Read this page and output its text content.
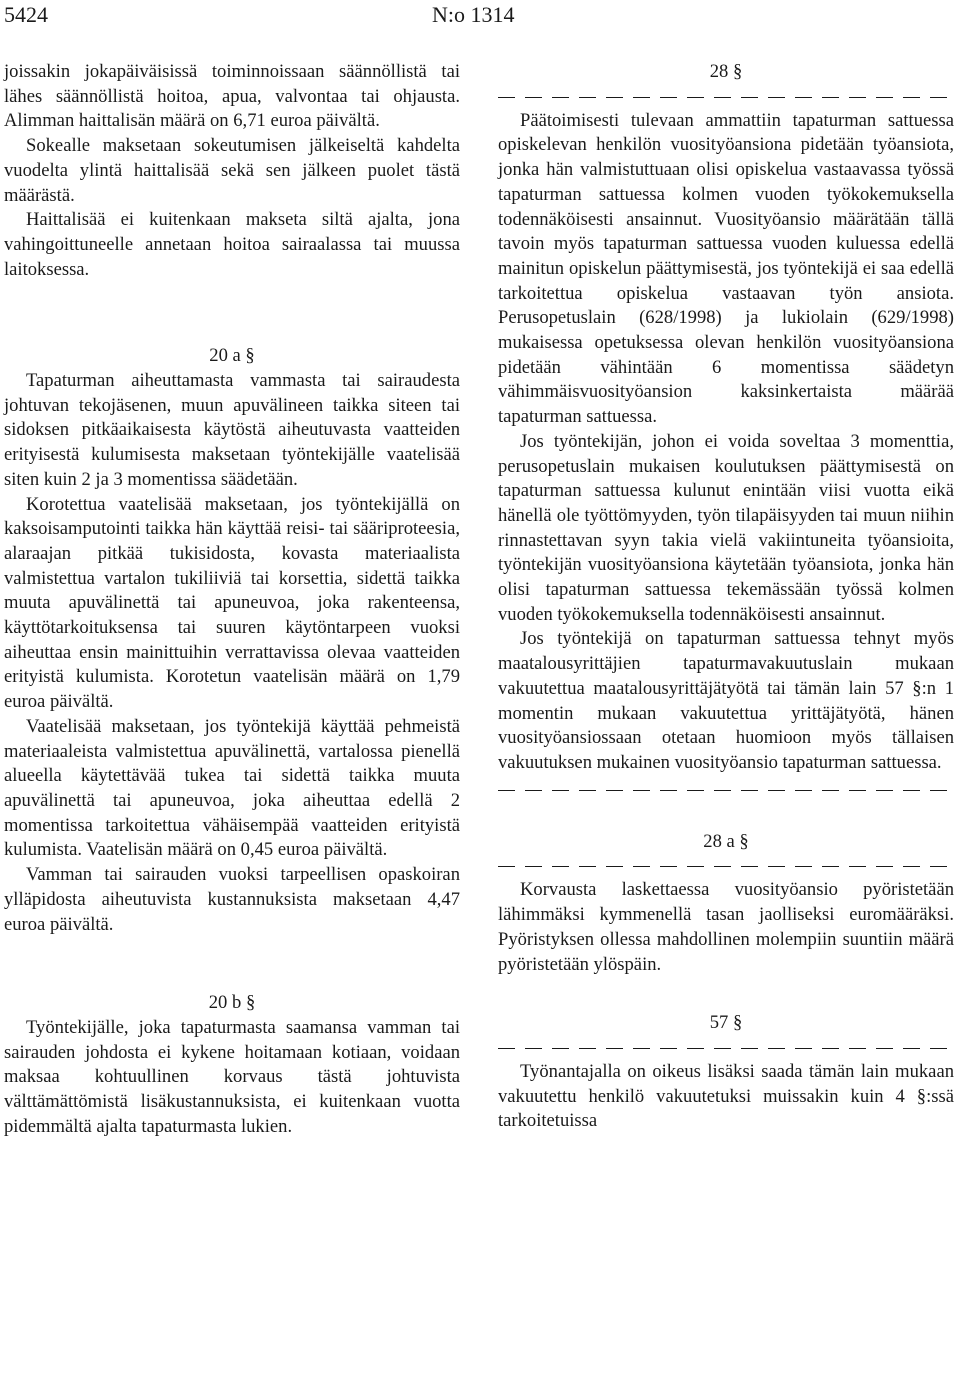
5424	N:o 1314

joissakin jokapäiväisissä toiminnoissaan säännöllistä tai lähes säännöllistä hoitoa, apua, valvontaa tai ohjausta. Alimman haittalisän määrä on 6,71 euroa päivältä.

Sokealle maksetaan sokeutumisen jälkeiseltä kahdelta vuodelta ylintä haittalisää sekä sen jälkeen puolet tästä määrästä.

Haittalisää ei kuitenkaan makseta siltä ajalta, jona vahingoittuneelle annetaan hoitoa sairaalassa tai muussa laitoksessa.

20 a §

Tapaturman aiheuttamasta vammasta tai sairaudesta johtuvan tekojäsenen, muun apuvälineen taikka siteen tai sidoksen pitkäaikaisesta käytöstä aiheutuvasta vaatteiden erityisestä kulumisesta maksetaan työntekijälle vaatelisää siten kuin 2 ja 3 momentissa säädetään.

Korotettua vaatelisää maksetaan, jos työntekijällä on kaksoisamputointi taikka hän käyttää reisi- tai sääriproteesia, alaraajan pitkää tukisidosta, kovasta materiaalista valmistettua vartalon tukiliiviä tai korsettia, sidettä taikka muuta apuvälinettä tai apuneuvoa, joka rakenteensa, käyttötarkoituksensa tai suuren käytöntarpeen vuoksi aiheuttaa ensin mainittuihin verrattavissa olevaa vaatteiden erityistä kulumista. Korotetun vaatelisän määrä on 1,79 euroa päivältä.

Vaatelisää maksetaan, jos työntekijä käyttää pehmeistä materiaaleista valmistettua apuvälinettä, vartalossa pienellä alueella käytettävää tukea tai sidettä taikka muuta apuvälinettä tai apuneuvoa, joka aiheuttaa edellä 2 momentissa tarkoitettua vähäisempää vaatteiden erityistä kulumista. Vaatelisän määrä on 0,45 euroa päivältä.

Vamman tai sairauden vuoksi tarpeellisen opaskoiran ylläpidosta aiheutuvista kustannuksista maksetaan 4,47 euroa päivältä.

20 b §

Työntekijälle, joka tapaturmasta saamansa vamman tai sairauden johdosta ei kykene hoitamaan kotiaan, voidaan maksaa kohtuullinen korvaus tästä johtuvista välttämättömistä lisäkustannuksista, ei kuitenkaan vuotta pidemmältä ajalta tapaturmasta lukien.

28 §

Päätoimisesti tulevaan ammattiin tapaturman sattuessa opiskelevan henkilön vuosityöansiona pidetään työansiota, jonka hän valmistuttuaan olisi opiskelua vastaavassa työssä tapaturman sattuessa kolmen vuoden työkokemuksella todennäköisesti ansainnut. Vuosityöansio määrätään tällä tavoin myös tapaturman sattuessa vuoden kuluessa edellä mainitun opiskelun päättymisestä, jos työntekijä ei saa edellä tarkoitettua opiskelua vastaavan työn ansiota. Perusopetuslain (628/1998) ja lukiolain (629/1998) mukaisessa opetuksessa olevan henkilön vuosityöansiona pidetään vähintään 6 momentissa säädetyn vähimmäisvuosityöansion kaksinkertaista määrää tapaturman sattuessa.

Jos työntekijän, johon ei voida soveltaa 3 momenttia, perusopetuslain mukaisen koulutuksen päättymisestä on tapaturman sattuessa kulunut enintään viisi vuotta eikä hänellä ole työttömyyden, työn tilapäisyyden tai muun niihin rinnastettavan syyn takia vielä vakiintuneita työansioita, työntekijän vuosityöansiona käytetään työansiota, jonka hän olisi tapaturman sattuessa tekemässään työssä kolmen vuoden työkokemuksella todennäköisesti ansainnut.

Jos työntekijä on tapaturman sattuessa tehnyt myös maatalousyrittäjien tapaturmavakuutuslain mukaan vakuutettua maatalousyrittäjätyötä tai tämän lain 57 §:n 1 momentin mukaan vakuutettua yrittäjätyötä, hänen vuosityöansiossaan otetaan huomioon myös tällaisen vakuutuksen mukainen vuosityöansio tapaturman sattuessa.

28 a §

Korvausta laskettaessa vuosityöansio pyöristetään lähimmäksi kymmenellä tasan jaolliseksi euromääräksi. Pyöristyksen ollessa mahdollinen molempiin suuntiin määrä pyöristetään ylöspäin.

57 §

Työnantajalla on oikeus lisäksi saada tämän lain mukaan vakuutettu henkilö vakuutetuksi muissakin kuin 4 §:ssä tarkoitetuissa
